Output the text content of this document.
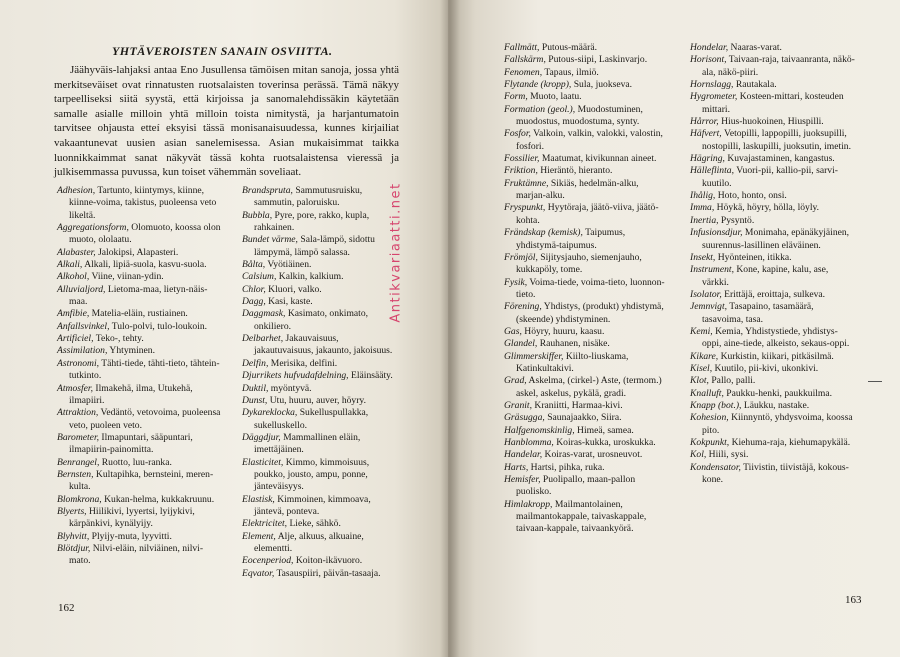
YHTÄVEROISTEN SANAIN OSVIITTA.

Jäähyväis-lahjaksi antaa Eno Jusullensa tämöisen mitan sanoja, jossa yhtä merkitseväiset ovat rinnatusten ruotsalaisten toverinsa perässä. Tämä näkyy tarpeelliseksi siitä syystä, että kirjoissa ja sanomalehdissäkin käytetään samalle asialle milloin yhtä milloin toista nimitystä, ja harjantumatoin tarvitsee ohjausta etteí eksyisi tässä monisanaisuudessa, kunnes kirjailiat vakaantunevat uusien asian sanelemisessa. Asian mukaisimmat taikka luonnikkaimmat sanat näkyvät tässä kohta ruotsalaistensa vieressä ja julkisemmassa puvussa, kun toiset vähemmän soveliaat.

Adhesion, Tartunto, kiintymys, kiinne, kiinne-voima, takistus, puoleensa veto likeltä.

Aggregationsform, Olomuoto, koossa olon muoto, ololaatu.

Alabaster, Jalokipsi, Alapasteri.

Alkali, Alkali, lipiä-suola, kasvu-suola.

Alkohol, Viine, viinan-ydin.

Alluvialjord, Lietoma-maa, lietyn-näis-maa.

Amfibie, Matelia-eläin, rustiainen.

Anfallsvinkel, Tulo-polvi, tulo-loukoin.

Artificiel, Teko-, tehty.

Assimilation, Yhtyminen.

Astronomi, Tähti-tiede, tähti-tieto, tähtein-tutkinto.

Atmosfer, Ilmakehä, ilma, Utukehä, ilmapiiri.

Attraktion, Vedäntö, vetovoima, puoleensa veto, puoleen veto.

Barometer, Ilmapuntari, sääpuntari, ilmapiirin-painomitta.

Benrangel, Ruotto, luu-ranka.

Bernsten, Kultapihka, bernsteini, meren-kulta.

Blomkrona, Kukan-helma, kukkakruunu.

Blyerts, Hiilikivi, lyyertsi, lyijykivi, kärpänkivi, kynälyijy.

Blyhvitt, Plyijy-muta, lyyvitti.

Blötdjur, Nilvi-eläin, nilviäinen, nilvi-mato.

Brandspruta, Sammutusruisku, sammutin, paloruisku.

Bubbla, Pyre, pore, rakko, kupla, rahkainen.

Bundet värme, Sala-lämpö, sidottu lämpymä, lämpö salassa.

Bålta, Vyötiäinen.

Calsium, Kalkin, kalkium.

Chlor, Kluori, valko.

Dagg, Kasi, kaste.

Daggmask, Kasimato, onkimato, onkiliero.

Delbarhet, Jakauvaisuus, jakautuvaisuus, jakaunto, jakoisuus.

Delfin, Merisika, delfini.

Djurrikets hufvudafdelning, Eläinsääty.

Duktil, myöntyvä.

Dunst, Utu, huuru, auver, höyry.

Dykareklocka, Sukelluspullakka, sukelluskello.

Däggdjur, Mammallinen eläin, imettäjäinen.

Elasticitet, Kimmo, kimmoisuus, poukko, jousto, ampu, ponne, jänteväisyys.

Elastisk, Kimmoinen, kimmoava, jäntevä, ponteva.

Elektricitet, Lieke, sähkö.

Element, Alje, alkuus, alkuaine, elementti.

Eocenperiod, Koiton-ikävuoro.

Eqvator, Tasauspiiri, päivän-tasaaja.

162

Fallmätt, Putous-määrä.

Fallskärm, Putous-siipi, Laskinvarjo.

Fenomen, Tapaus, ilmiö.

Flytande (kropp), Sula, juokseva.

Form, Muoto, laatu.

Formation (geol.), Muodostuminen, muodostus, muodostuma, synty.

Fosfor, Valkoin, valkin, valokki, valostin, fosfori.

Fossilier, Maatumat, kivikunnan aineet.

Friktion, Hieräntö, hieranto.

Fruktämne, Sikiäs, hedelmän-alku, marjan-alku.

Fryspunkt, Hyytöraja, jäätö-viiva, jäätö-kohta.

Frändskap (kemisk), Taipumus, yhdistymä-taipumus.

Frömjöl, Sijitysjauho, siemenjauho, kukkapöly, tome.

Fysik, Voima-tiede, voima-tieto, luonnon-tieto.

Förening, Yhdistys, (produkt) yhdistymä, (skeende) yhdistyminen.

Gas, Höyry, huuru, kaasu.

Glandel, Rauhanen, nisäke.

Glimmerskiffer, Kiilto-liuskama, Katinkultakivi.

Grad, Askelma, (cirkel-) Aste, (termom.) askel, askelus, pykälä, gradi.

Granit, Kraniitti, Harmaa-kivi.

Gräsugga, Saunajaakko, Siira.

Halfgenomskinlig, Himeä, samea.

Hanblomma, Koiras-kukka, uroskukka.

Handelar, Koiras-varat, urosneuvot.

Harts, Hartsi, pihka, ruka.

Hemisfer, Puolipallo, maan-pallon puolisko.

Himlakropp, Mailmantolainen, mailmantokappale, taivaskappale, taivaan-kappale, taivaankyörä.

Hondelar, Naaras-varat.

Horisont, Taivaan-raja, taivaanranta, näkö-ala, näkö-piiri.

Hornslagg, Rautakala.

Hygrometer, Kosteen-mittari, kosteuden mittari.

Hårror, Hius-huokoinen, Hiuspilli.

Häfvert, Vetopilli, lappopilli, juoksupilli, nostopilli, laskupilli, juoksutin, imetin.

Hägring, Kuvajastaminen, kangastus.

Hälleflinta, Vuori-pii, kallio-pii, sarvi-kuutilo.

Ihålig, Hoto, honto, onsi.

Imma, Höykä, höyry, hölla, löyly.

Inertia, Pysyntö.

Infusionsdjur, Monimaha, epänäkyjäinen, suurennus-lasillinen eläväinen.

Insekt, Hyönteinen, itikka.

Instrument, Kone, kapine, kalu, ase, värkki.

Isolator, Erittäjä, eroittaja, sulkeva.

Jemnvigt, Tasapaino, tasamäärä, tasavoima, tasa.

Kemi, Kemia, Yhdistystiede, yhdistys-oppi, aine-tiede, alkeisto, sekaus-oppi.

Kikare, Kurkistin, kiikari, pitkäsilmä.

Kisel, Kuutilo, pii-kivi, ukonkivi.

Klot, Pallo, palli.

Knalluft, Paukku-henki, paukkuilma.

Knapp (bot.), Läukku, nastake.

Kohesion, Kiinnyntö, yhdysvoima, koossa pito.

Kokpunkt, Kiehuma-raja, kiehumapykälä.

Kol, Hiili, sysi.

Kondensator, Tiivistin, tiivistäjä, kokous-kone.

163
Antikvariaatti.net
